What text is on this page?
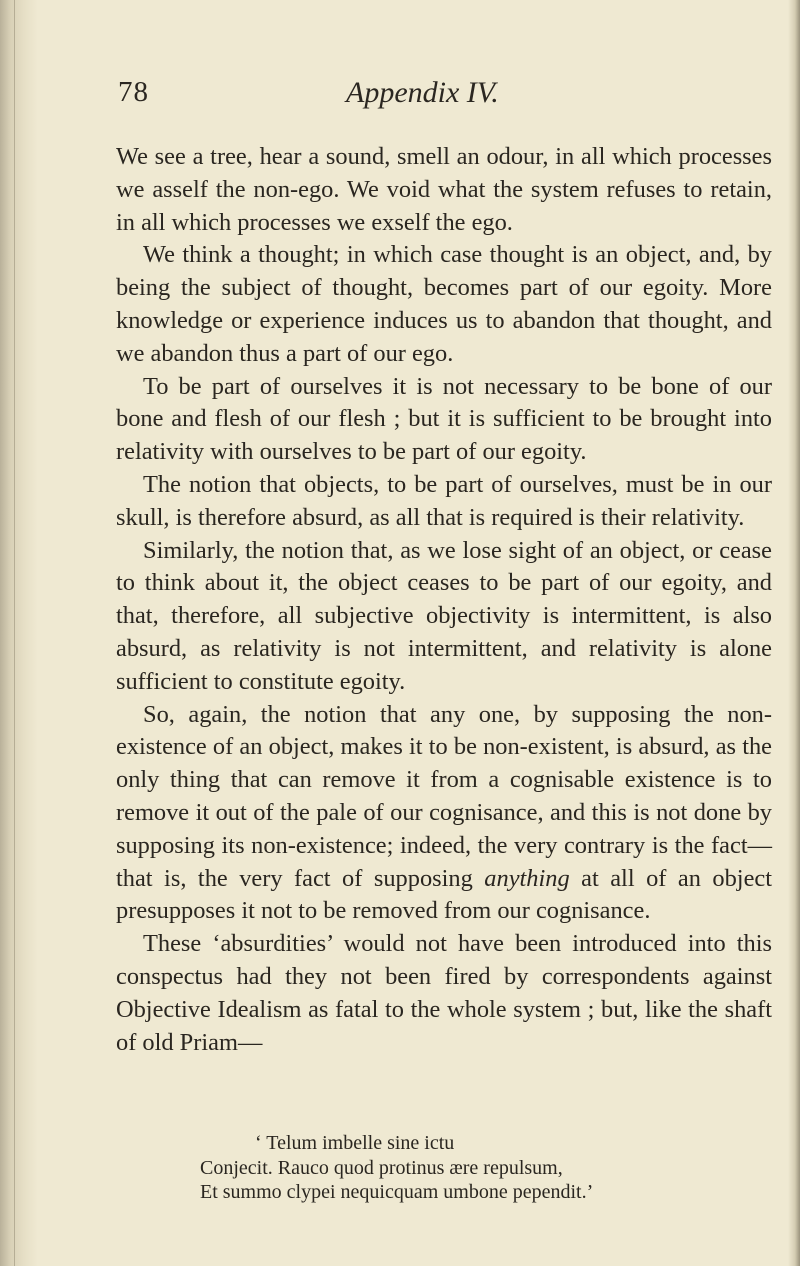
78	Appendix IV.

We see a tree, hear a sound, smell an odour, in all which processes we asself the non-ego. We void what the system refuses to retain, in all which processes we exself the ego.

We think a thought; in which case thought is an object, and, by being the subject of thought, becomes part of our egoity. More knowledge or experience induces us to abandon that thought, and we abandon thus a part of our ego.

To be part of ourselves it is not necessary to be bone of our bone and flesh of our flesh ; but it is sufficient to be brought into relativity with ourselves to be part of our egoity.

The notion that objects, to be part of ourselves, must be in our skull, is therefore absurd, as all that is required is their relativity.

Similarly, the notion that, as we lose sight of an object, or cease to think about it, the object ceases to be part of our egoity, and that, therefore, all subjective objectivity is intermittent, is also absurd, as relativity is not intermittent, and relativity is alone sufficient to constitute egoity.

So, again, the notion that any one, by supposing the non-existence of an object, makes it to be non-existent, is absurd, as the only thing that can remove it from a cognisable existence is to remove it out of the pale of our cognisance, and this is not done by supposing its non-existence; indeed, the very contrary is the fact—that is, the very fact of supposing anything at all of an object presupposes it not to be removed from our cognisance.

These ‘absurdities’ would not have been introduced into this conspectus had they not been fired by correspondents against Objective Idealism as fatal to the whole system ; but, like the shaft of old Priam—

‘ Telum imbelle sine ictu

Conjecit. Rauco quod protinus ære repulsum,

Et summo clypei nequicquam umbone pependit.’
